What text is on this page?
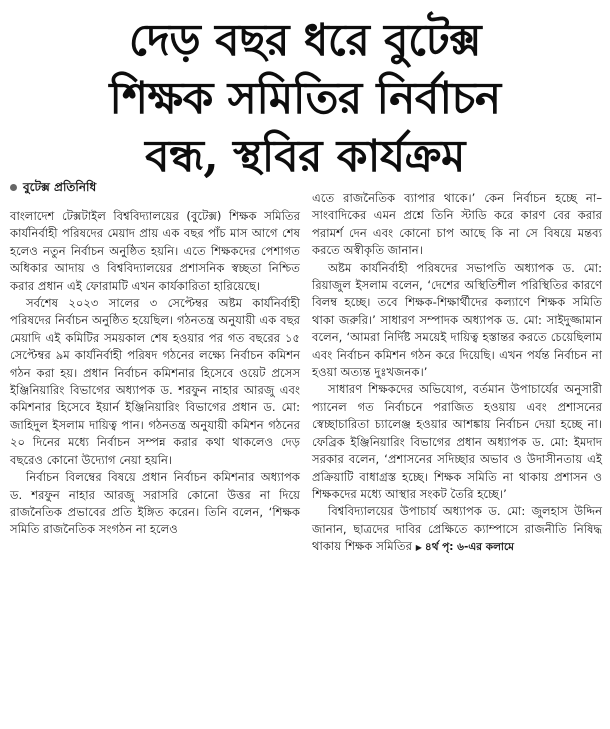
দেড় বছর ধরে বুটেক্স
শিক্ষক সমিতির নির্বাচন
বন্ধ, স্থবির কার্যক্রম
বুটেক্স প্রতিনিধি

বাংলাদেশ টেক্সটাইল বিশ্ববিদ্যালয়ের (বুটেক্স) শিক্ষক সমিতির কার্যনির্বাহী পরিষদের মেয়াদ প্রায় এক বছর পাঁচ মাস আগে শেষ হলেও নতুন নির্বাচন অনুষ্ঠিত হয়নি। এতে শিক্ষকদের পেশাগত অধিকার আদায় ও বিশ্ববিদ্যালয়ের প্রশাসনিক স্বচ্ছতা নিশ্চিত করার প্রধান এই ফোরামটি এখন কার্যকারিতা হারিয়েছে।

সর্বশেষ ২০২৩ সালের ৩ সেপ্টেম্বর অষ্টম কার্যনির্বাহী পরিষদের নির্বাচন অনুষ্ঠিত হয়েছিল। গঠনতন্ত্র অনুযায়ী এক বছর মেয়াদি এই কমিটির সময়কাল শেষ হওয়ার পর গত বছরের ১৫ সেপ্টেম্বর ৯ম কার্যনির্বাহী পরিষদ গঠনের লক্ষ্যে নির্বাচন কমিশন গঠন করা হয়। প্রধান নির্বাচন কমিশনার হিসেবে ওয়েট প্রসেস ইঞ্জিনিয়ারিং বিভাগের অধ্যাপক ড. শরফুন নাহার আরজু এবং কমিশনার হিসেবে ইয়ার্ন ইঞ্জিনিয়ারিং বিভাগের প্রধান ড. মো: জাহিদুল ইসলাম দায়িত্ব পান। গঠনতন্ত্র অনুযায়ী কমিশন গঠনের ২০ দিনের মধ্যে নির্বাচন সম্পন্ন করার কথা থাকলেও দেড় বছরেও কোনো উদ্যোগ নেয়া হয়নি।

নির্বাচন বিলম্বের বিষয়ে প্রধান নির্বাচন কমিশনার অধ্যাপক ড. শরফুন নাহার আরজু সরাসরি কোনো উত্তর না দিয়ে রাজনৈতিক প্রভাবের প্রতি ইঙ্গিত করেন। তিনি বলেন, ‘শিক্ষক সমিতি রাজনৈতিক সংগঠন না হলেও

এতে রাজনৈতিক ব্যাপার থাকে।’ কেন নির্বাচন হচ্ছে না– সাংবাদিকের এমন প্রশ্নে তিনি স্টাডি করে কারণ বের করার পরামর্শ দেন এবং কোনো চাপ আছে কি না সে বিষয়ে মন্তব্য করতে অস্বীকৃতি জানান।

অষ্টম কার্যনির্বাহী পরিষদের সভাপতি অধ্যাপক ড. মো: রিয়াজুল ইসলাম বলেন, ‘দেশের অস্থিতিশীল পরিস্থিতির কারণে বিলম্ব হচ্ছে। তবে শিক্ষক-শিক্ষার্থীদের কল্যাণে শিক্ষক সমিতি থাকা জরুরি।’ সাধারণ সম্পাদক অধ্যাপক ড. মো: সাইদুজ্জামান বলেন, ‘আমরা নির্দিষ্ট সময়েই দায়িত্ব হস্তান্তর করতে চেয়েছিলাম এবং নির্বাচন কমিশন গঠন করে দিয়েছি। এখন পর্যন্ত নির্বাচন না হওয়া অত্যন্ত দুঃখজনক।’

সাধারণ শিক্ষকদের অভিযোগ, বর্তমান উপাচার্যের অনুসারী প্যানেল গত নির্বাচনে পরাজিত হওয়ায় এবং প্রশাসনের স্বেচ্ছাচারিতা চ্যালেঞ্জ হওয়ার আশঙ্কায় নির্বাচন দেয়া হচ্ছে না। ফেব্রিক ইঞ্জিনিয়ারিং বিভাগের প্রধান অধ্যাপক ড. মো: ইমদাদ সরকার বলেন, ‘প্রশাসনের সদিচ্ছার অভাব ও উদাসীনতায় এই প্রক্রিয়াটি বাধাগ্রস্ত হচ্ছে। শিক্ষক সমিতি না থাকায় প্রশাসন ও শিক্ষকদের মধ্যে আস্থার সংকট তৈরি হচ্ছে।’

বিশ্ববিদ্যালয়ের উপাচার্য অধ্যাপক ড. মো: জুলহাস উদ্দিন জানান, ছাত্রদের দাবির প্রেক্ষিতে ক্যাম্পাসে রাজনীতি নিষিদ্ধ থাকায় শিক্ষক সমিতির ▶ ৪র্থ পৃ: ৬-এর কলামে
